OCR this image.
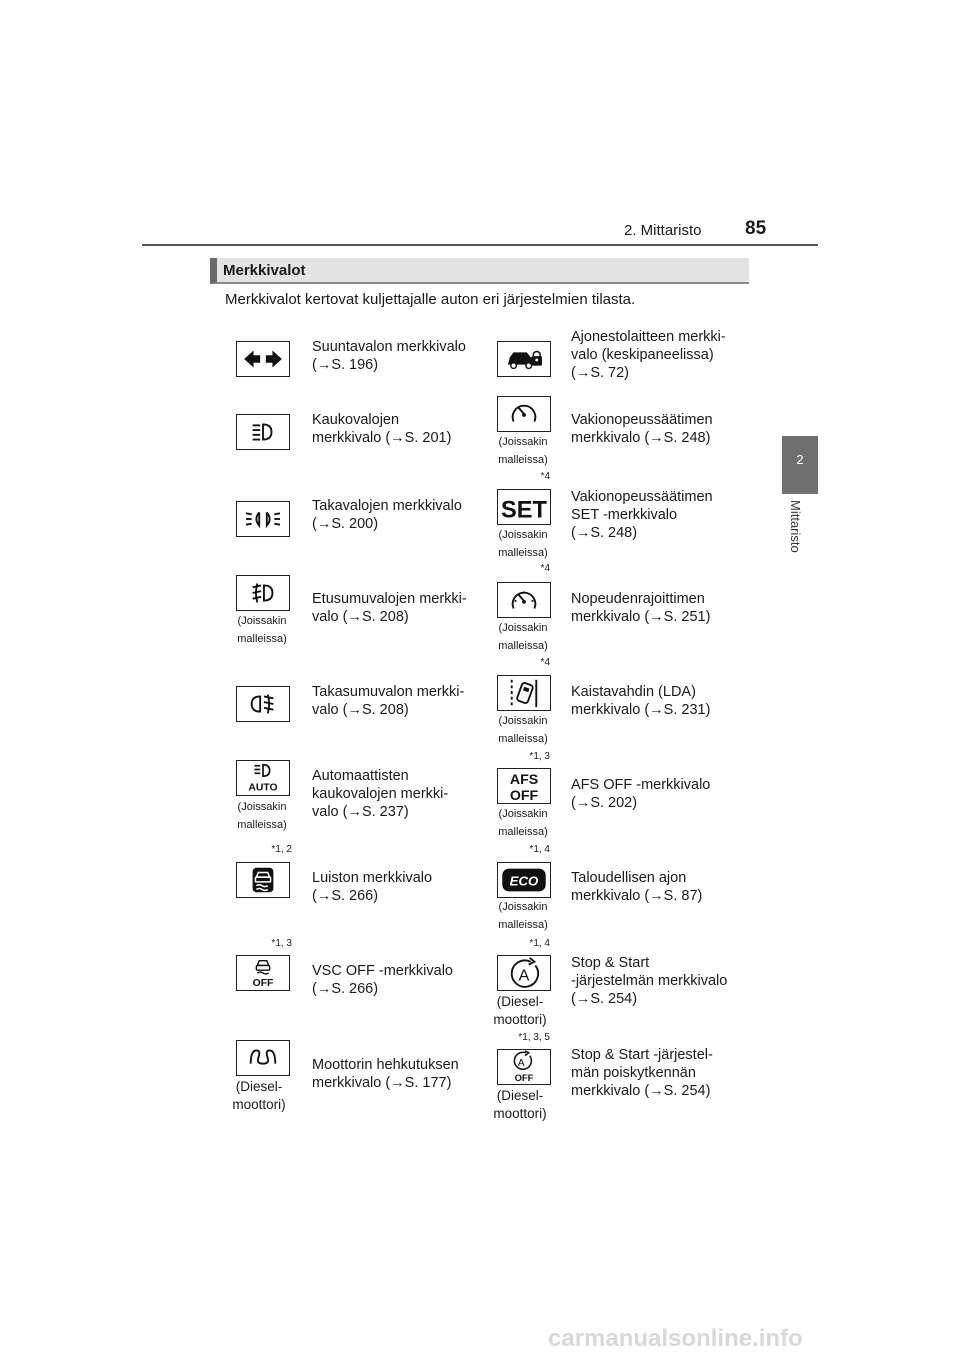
2. Mittaristo 85
2
Mittaristo
Merkkivalot
Merkkivalot kertovat kuljettajalle auton eri järjestelmien tilasta.
Suuntavalon merkkivalo
(→S. 196)
Kaukovalojen
merkkivalo (→S. 201)
Takavalojen merkkivalo
(→S. 200)
(Joissakin
malleissa)
Etusumuvalojen merkki-
valo (→S. 208)
Takasumuvalon merkki-
valo (→S. 208)
AUTO
(Joissakin
malleissa)
Automaattisten
kaukovalojen merkki-
valo (→S. 237)
*1, 2
Luiston merkkivalo
(→S. 266)
*1, 3
OFF
VSC OFF -merkkivalo
(→S. 266)
(Diesel-
moottori)
Moottorin hehkutuksen
merkkivalo (→S. 177)
Ajonestolaitteen merkki-
valo (keskipaneelissa)
(→S. 72)
(Joissakin
malleissa)
Vakionopeussäätimen
merkkivalo (→S. 248)
*4
SET
(Joissakin
malleissa)
Vakionopeussäätimen
SET -merkkivalo
(→S. 248)
*4
(Joissakin
malleissa)
Nopeudenrajoittimen
merkkivalo (→S. 251)
*4
(Joissakin
malleissa)
Kaistavahdin (LDA)
merkkivalo (→S. 231)
*1, 3
AFS
OFF
(Joissakin
malleissa)
AFS OFF -merkkivalo
(→S. 202)
*1, 4
ECO
(Joissakin
malleissa)
Taloudellisen ajon
merkkivalo (→S. 87)
*1, 4
A
(Diesel-
moottori)
Stop & Start
-järjestelmän merkkivalo
(→S. 254)
*1, 3, 5
A
OFF
(Diesel-
moottori)
Stop & Start -järjestel-
män poiskytkennän
merkkivalo (→S. 254)
carmanualsonline.info
